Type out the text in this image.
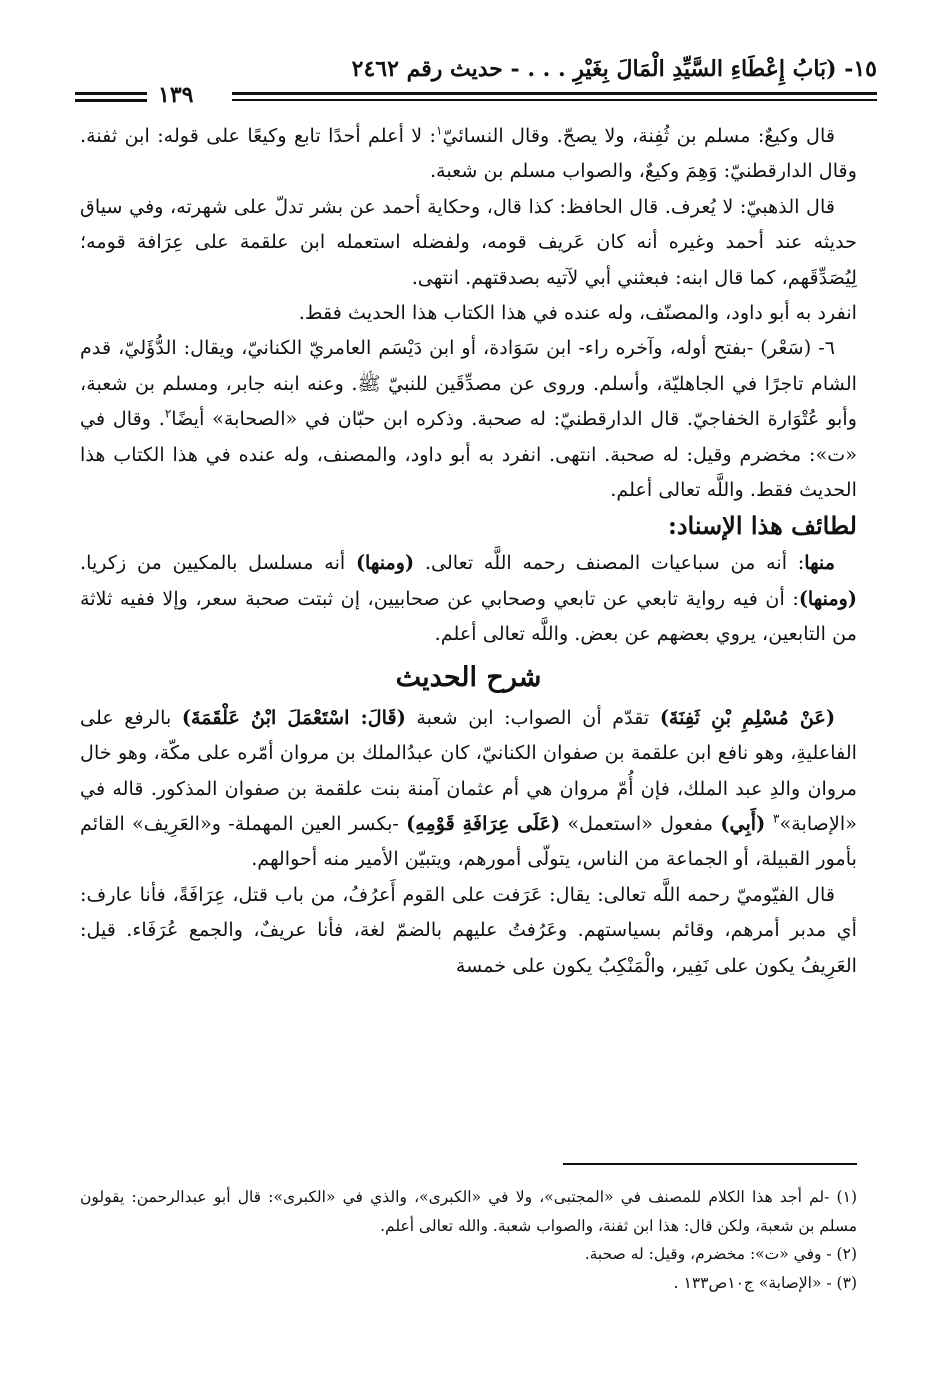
١٥- (بَابُ إِعْطَاءِ السَّيِّدِ الْمَالَ بِغَيْرِ . . . - حديث رقم ٢٤٦٢
١٣٩

قال وكيعٌ: مسلم بن ثُفِنة، ولا يصحّ. وقال النسائيّ$^١$: لا أعلم أحدًا تابع وكيعًا على قوله: ابن ثفنة. وقال الدارقطنيّ: وَهِمَ وكيعٌ، والصواب مسلم بن شعبة.

قال الذهبيّ: لا يُعرف. قال الحافظ: كذا قال، وحكاية أحمد عن بشر تدلّ على شهرته، وفي سياق حديثه عند أحمد وغيره أنه كان عَريف قومه، ولفضله استعمله ابن علقمة على عِرَافة قومه؛ لِيُصَدِّقَهم، كما قال ابنه: فبعثني أبي لآتيه بصدقتهم. انتهى.

انفرد به أبو داود، والمصنّف، وله عنده في هذا الكتاب هذا الحديث فقط.

٦- (سَعْر) -بفتح أوله، وآخره راء- ابن سَوَادة، أو ابن دَيْسَم العامريّ الكنانيّ، ويقال: الدُّؤَليّ، قدم الشام تاجرًا في الجاهليّة، وأسلم. وروى عن مصدِّقَين للنبيّ ﷺ. وعنه ابنه جابر، ومسلم بن شعبة، وأبو عُتْوَارة الخفاجيّ. قال الدارقطنيّ: له صحبة. وذكره ابن حبّان في «الصحابة» أيضًا$^٢$. وقال في «ت»: مخضرم وقيل: له صحبة. انتهى. انفرد به أبو داود، والمصنف، وله عنده في هذا الكتاب هذا الحديث فقط. واللَّه تعالى أعلم.

لطائف هذا الإسناد:

منها: أنه من سباعيات المصنف رحمه اللَّه تعالى. (ومنها) أنه مسلسل بالمكيين من زكريا. (ومنها): أن فيه رواية تابعي عن تابعي وصحابي عن صحابيين، إن ثبتت صحبة سعر، وإلا ففيه ثلاثة من التابعين، يروي بعضهم عن بعض. واللَّه تعالى أعلم.

شرح الحديث

(عَنْ مُسْلِمِ بْنِ ثَفِنَةَ) تقدّم أن الصواب: ابن شعبة (قَالَ: اسْتَعْمَلَ ابْنُ عَلْقَمَةَ) بالرفع على الفاعليةِ، وهو نافع ابن علقمة بن صفوان الكنانيّ، كان عبدُالملك بن مروان أمّره على مكّة، وهو خال مروان والدِ عبد الملك، فإن أُمّ مروان هي أم عثمان آمنة بنت علقمة بن صفوان المذكور. قاله في «الإصابة»$^٣$ (أَبِي) مفعول «استعمل» (عَلَى عِرَافَةِ قَوْمِهِ) -بكسر العين المهملة- و«العَرِيف» القائم بأمور القبيلة، أو الجماعة من الناس، يتولّى أمورهم، ويتبيّن الأمير منه أحوالهم.

قال الفيّوميّ رحمه اللَّه تعالى: يقال: عَرَفت على القوم أَعرُفُ، من باب قتل، عِرَافَةً، فأنا عارف: أي مدبر أمرهم، وقائم بسياستهم. وعَرُفتُ عليهم بالضمّ لغة، فأنا عريفٌ، والجمع عُرَفَاء. قيل: العَرِيفُ يكون على نَفِير، والْمَنْكِبُ يكون على خمسة

(١) -لم أجد هذا الكلام للمصنف في «المجتبى»، ولا في «الكبرى»، والذي في «الكبرى»: قال أبو عبدالرحمن: يقولون مسلم بن شعبة، ولكن قال: هذا ابن ثفنة، والصواب شعبة. والله تعالى أعلم.

(٢) - وفي «ت»: مخضرم، وقيل: له صحبة.

(٣) - «الإصابة» ج١٠ص١٣٣ .
